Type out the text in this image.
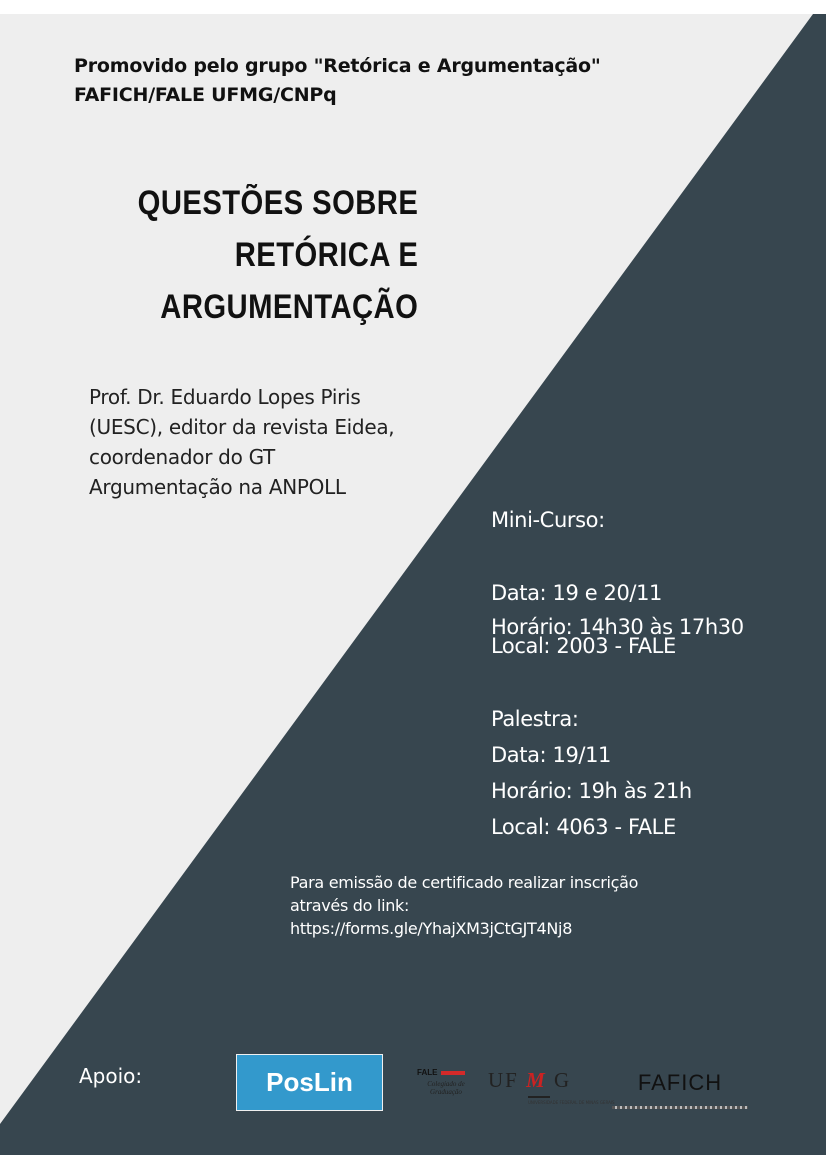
Promovido pelo grupo "Retórica e Argumentação"
FAFICH/FALE UFMG/CNPq
QUESTÕES SOBRE
RETÓRICA E
ARGUMENTAÇÃO
Prof. Dr. Eduardo Lopes Piris
(UESC), editor da revista Eidea,
coordenador do GT
Argumentação na ANPOLL
Mini-Curso:
Data: 19 e 20/11
Horário: 14h30 às 17h30
Local: 2003 - FALE
Palestra:
Data: 19/11
Horário: 19h às 21h
Local: 4063 - FALE
Para emissão de certificado realizar inscrição
através do link:
https://forms.gle/YhajXM3jCtGJT4Nj8
Apoio:	PosLin	FALE
Colegiado de Graduação	UF M G
UNIVERSIDADE FEDERAL DE MINAS GERAIS
FAFICH
